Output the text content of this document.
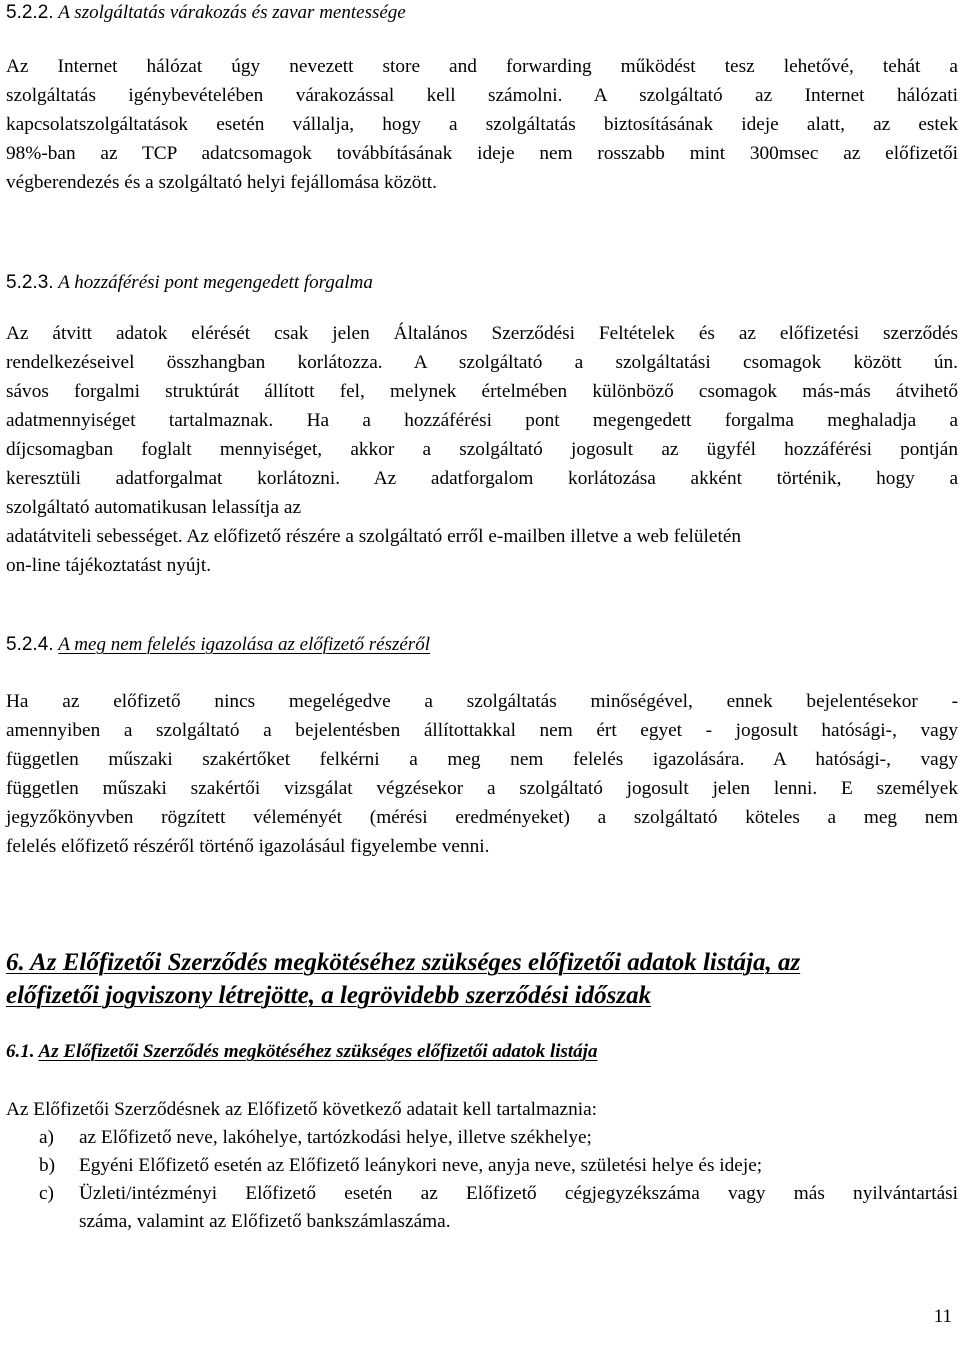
5.2.2. A szolgáltatás várakozás és zavar mentessége
Az Internet hálózat úgy nevezett store and forwarding működést tesz lehetővé, tehát a
szolgáltatás igénybevételében várakozással kell számolni. A szolgáltató az Internet hálózati
kapcsolatszolgáltatások esetén vállalja, hogy a szolgáltatás biztosításának ideje alatt, az estek
98%-ban az TCP adatcsomagok továbbításának ideje nem rosszabb mint 300msec az előfizetői
végberendezés és a szolgáltató helyi fejállomása között.
5.2.3. A hozzáférési pont megengedett forgalma
Az átvitt adatok elérését csak jelen Általános Szerződési Feltételek és az előfizetési szerződés
rendelkezéseivel összhangban korlátozza. A szolgáltató a szolgáltatási csomagok között ún.
sávos forgalmi struktúrát állított fel, melynek értelmében különböző csomagok más-más átvihető
adatmennyiséget tartalmaznak. Ha a hozzáférési pont megengedett forgalma meghaladja a
díjcsomagban foglalt mennyiséget, akkor a szolgáltató jogosult az ügyfél hozzáférési pontján
keresztüli adatforgalmat korlátozni. Az adatforgalom korlátozása akként történik, hogy a
szolgáltató automatikusan lelassítja az
adatátviteli sebességet. Az előfizető részére a szolgáltató erről e-mailben illetve a web felületén
on-line tájékoztatást nyújt.
5.2.4. A meg nem felelés igazolása az előfizető részéről
Ha az előfizető nincs megelégedve a szolgáltatás minőségével, ennek bejelentésekor -
amennyiben a szolgáltató a bejelentésben állítottakkal nem ért egyet - jogosult hatósági-, vagy
független műszaki szakértőket felkérni a meg nem felelés igazolására. A hatósági-, vagy
független műszaki szakértői vizsgálat végzésekor a szolgáltató jogosult jelen lenni. E személyek
jegyzőkönyvben rögzített véleményét (mérési eredményeket) a szolgáltató köteles a meg nem
felelés előfizető részéről történő igazolásául figyelembe venni.
6. Az Előfizetői Szerződés megkötéséhez szükséges előfizetői adatok listája, az
előfizetői jogviszony létrejötte, a legrövidebb szerződési időszak
6.1. Az Előfizetői Szerződés megkötéséhez szükséges előfizetői adatok listája
Az Előfizetői Szerződésnek az Előfizető következő adatait kell tartalmaznia:
a) az Előfizető neve, lakóhelye, tartózkodási helye, illetve székhelye;
b) Egyéni Előfizető esetén az Előfizető leánykori neve, anyja neve, születési helye és ideje;
c) Üzleti/intézményi Előfizető esetén az Előfizető cégjegyzékszáma vagy más nyilvántartási
száma, valamint az Előfizető bankszámlaszáma.
11
